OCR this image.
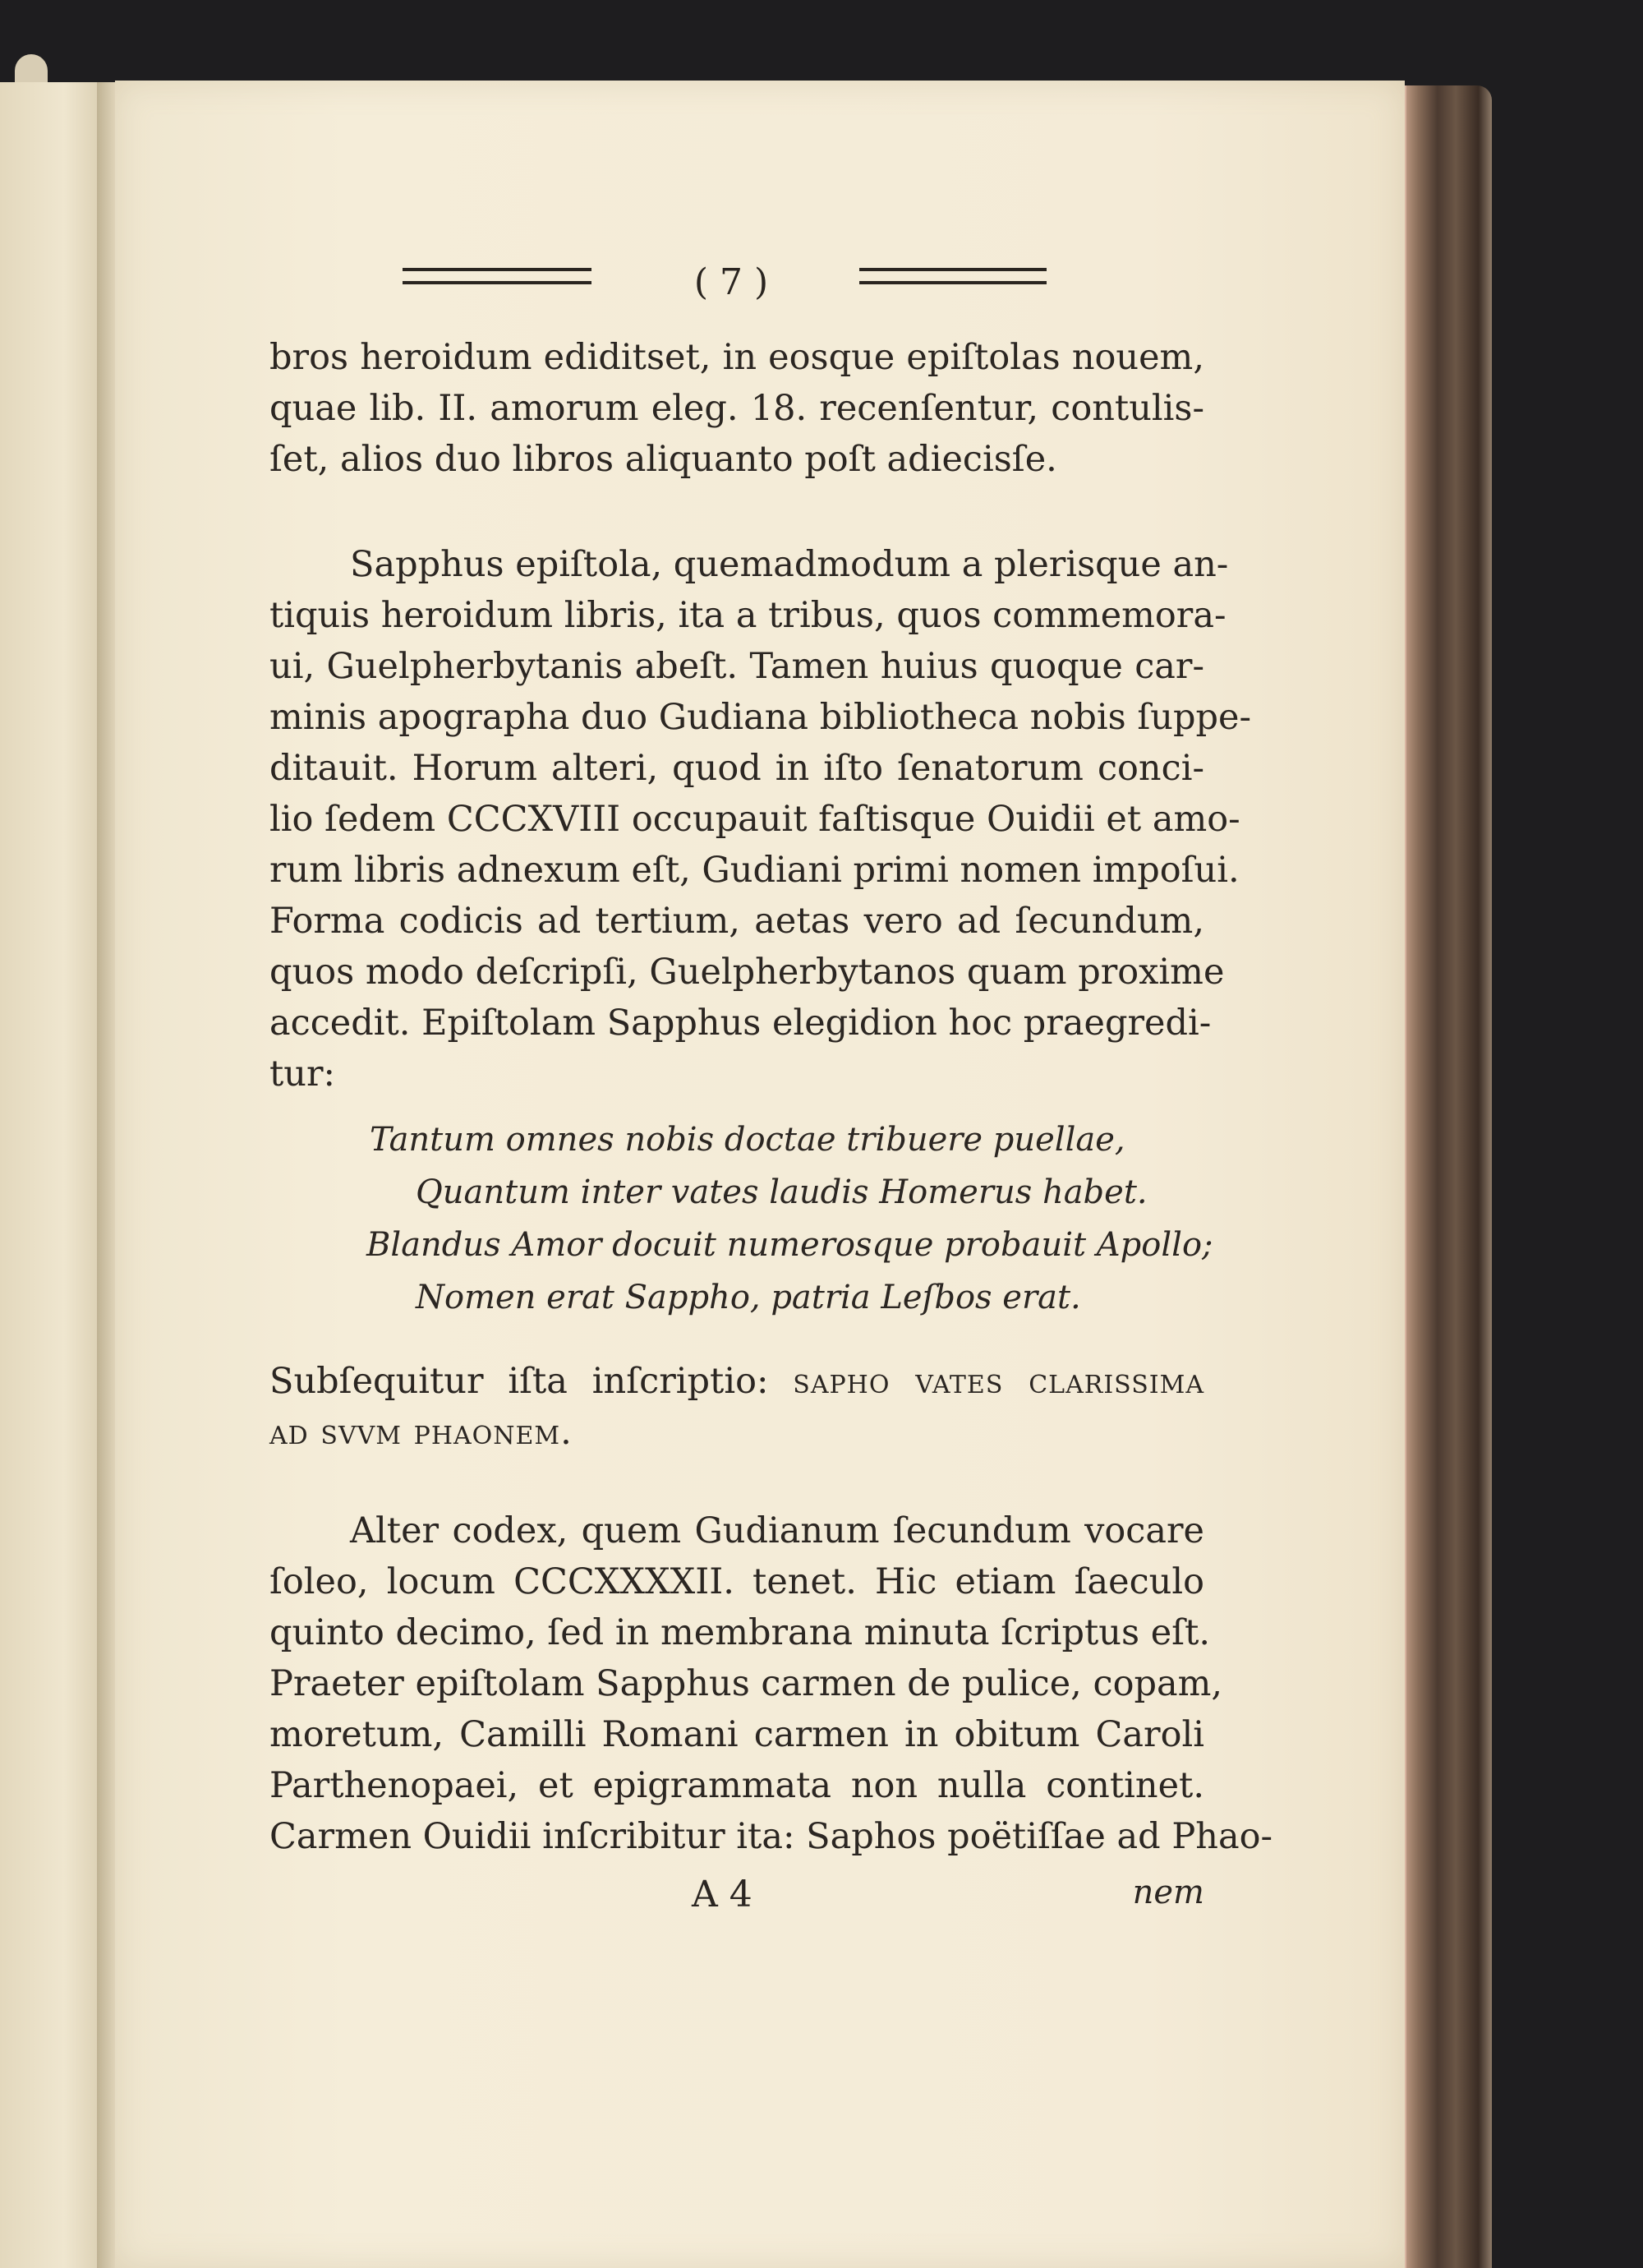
( 7 )
bros heroidum ediditset, in eosque epiſtolas nouem,
quae lib. II. amorum eleg. 18. recenſentur, contulis-
ſet, alios duo libros aliquanto poſt adiecisſe.
Sapphus epiſtola, quemadmodum a plerisque an-
tiquis heroidum libris, ita a tribus, quos commemora-
ui, Guelpherbytanis abeſt. Tamen huius quoque car-
minis apographa duo Gudiana bibliotheca nobis ſuppe-
ditauit. Horum alteri, quod in iſto ſenatorum conci-
lio ſedem CCCXVIII occupauit faſtisque Ouidii et amo-
rum libris adnexum eſt, Gudiani primi nomen impoſui.
Forma codicis ad tertium, aetas vero ad ſecundum,
quos modo deſcripſi, Guelpherbytanos quam proxime
accedit. Epiſtolam Sapphus elegidion hoc praegredi-
tur:
Tantum omnes nobis doctae tribuere puellae,
Quantum inter vates laudis Homerus habet.
Blandus Amor docuit numerosque probauit Apollo;
Nomen erat Sappho, patria Leſbos erat.
Subſequitur iſta inſcriptio: sapho vates clarissima
ad svvm phaonem.
Alter codex, quem Gudianum ſecundum vocare
ſoleo, locum CCCXXXXII. tenet. Hic etiam ſaeculo
quinto decimo, ſed in membrana minuta ſcriptus eſt.
Praeter epiſtolam Sapphus carmen de pulice, copam,
moretum, Camilli Romani carmen in obitum Caroli
Parthenopaei, et epigrammata non nulla continet.
Carmen Ouidii inſcribitur ita: Saphos poëtiſſae ad Phao-
A 4	nem
